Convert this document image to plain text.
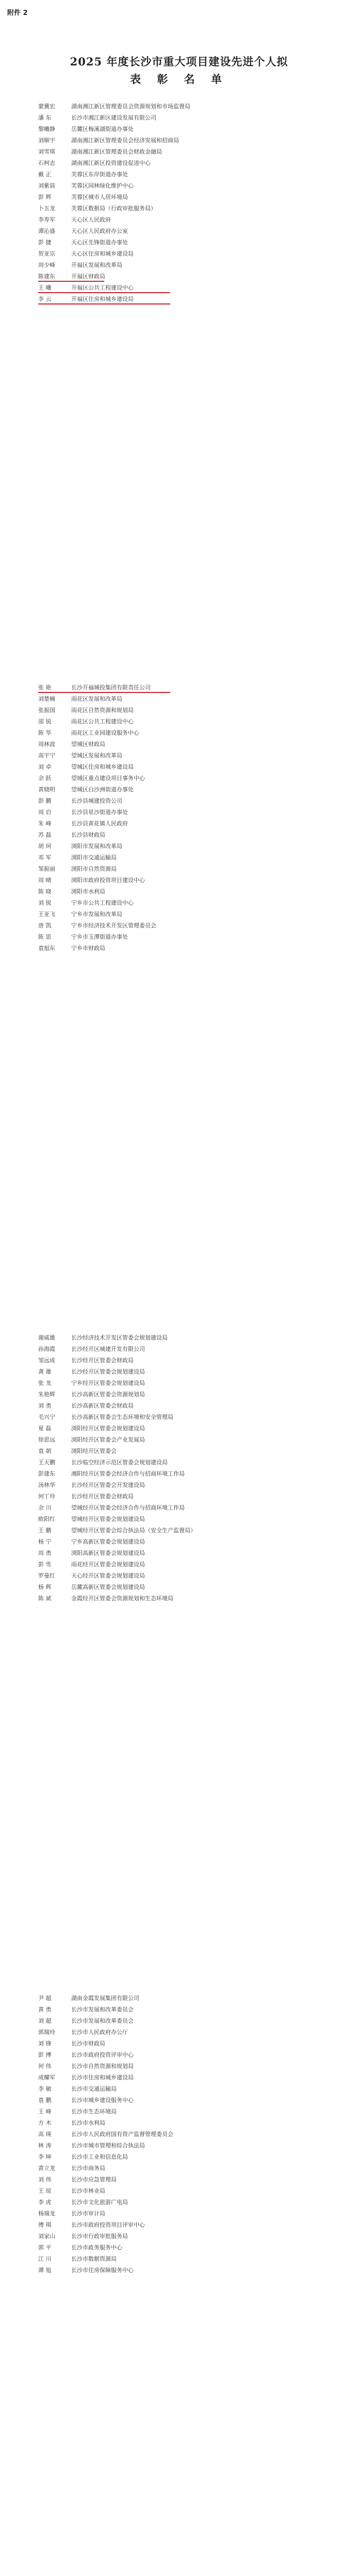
附件 2
2025 年度长沙市重大项目建设先进个人拟
表 彰 名 单
蒙冀宏	湖南湘江新区管理委员会资源规划和市场监督局
潘 东	长沙市湘江新区建设发展有限公司
黎曦静	岳麓区梅溪湖街道办事处
刘顺宇	湖南湘江新区管理委员会经济发展和招商局
刘雪琪	湖南湘江新区管理委员会财政金融局
石柯志	湖南湘江新区投资建设促进中心
戴 正	芙蓉区东岸街道办事处
刘紫晨	芙蓉区园林绿化维护中心
彭 辉	芙蓉区城市人居环境局
卜五龙	芙蓉区数据局（行政审批服务局）
李寿军	天心区人民政府
谭沁盛	天心区人民政府办公室
彭 捷	天心区先锋街道办事处
贺亚宗	天心区住房和城乡建设局
周少峰	开福区发展和改革局
陈建东	开福区财政局
王 曦	开福区公共工程建设中心
李 云	开福区住房和城乡建设局
张 艳	长沙开福城投集团有限责任公司
刘楚楠	雨花区发展和改革局
张振国	雨花区自然资源和规划局
邵 锐	雨花区公共工程建设中心
陈 华	雨花区工业园建设服务中心
周林波	望城区财政局
高宇宁	望城区发展和改革局
刘 卓	望城区住房和城乡建设局
余 跃	望城区重点建设项目事务中心
黄晓明	望城区白沙洲街道办事处
彭 鹏	长沙县城建投资公司
周 启	长沙县星沙街道办事处
朱 峰	长沙县黄花镇人民政府
苏 磊	长沙县财政局
胡 珂	浏阳市发展和改革局
邓 军	浏阳市交通运输局
邹振丽	浏阳市自然资源局
周 晴	浏阳市政府投资项目建设中心
陈 晓	浏阳市水利局
刘 锐	宁乡市公共工程建设中心
王亚飞	宁乡市发展和改革局
唐 凯	宁乡市经济技术开发区管理委员会
陈 思	宁乡市玉潭街道办事处
袁旭东	宁乡市财政局
谢威雄	长沙经济技术开发区管委会规划建设局
孙海霞	长沙经开区城建开发有限公司
邹远成	长沙经开区管委会财政局
龚 雄	长沙经开区管委会规划建设局
张 龙	宁乡经开区管委会规划建设局
朱艳辉	长沙高新区管委会资源规划局
刘 勇	长沙高新区管委会财政局
毛兴宁	长沙高新区管委会生态环境和安全管理局
夏 磊	浏阳经开区管委会规划建设局
徐思远	浏阳经开区管委会产业发展局
袁 朝	浏阳经开区管委会
王天鹏	长沙临空经济示范区管委会规划建设局
彭建东	湘阳经开区管委会经济合作与招商环境工作局
汤林华	长沙经开区管委会开发建设局
何丁玲	长沙经开区管委会财政局
余 川	望城经开区管委会经济合作与招商环境工作局
欧阳红	望城经开区管委会规划建设局
王 鹏	望城经开区管委会综合执法局（安全生产监督局）
杨 宁	宁乡高新区管委会规划建设局
周 勇	浏阳高新区管委会规划建设局
彭 雪	雨花经开区管委会规划建设局
罗曼红	天心经开区管委会规划建设局
杨 辉	岳麓高新区管委会规划建设局
陈 斌	金霞经开区管委会资源规划和生态环境局
尹 超	湖南金霞发展集团有限公司
黄 勇	长沙市发展和改革委员会
刘 超	长沙市发展和改革委员会
郭瑞玲	长沙市人民政府办公厅
刘 锋	长沙市财政局
彭 博	长沙市政府投资评审中心
何 伟	长沙市自然资源和规划局
成耀军	长沙市住房和城乡建设局
李 敏	长沙市交通运输局
袁 鹏	长沙市城乡建设服务中心
王 峰	长沙市生态环境局
方 木	长沙市水利局
高 瑛	长沙市人民政府国有资产监督管理委员会
林 涛	长沙市城市管理和综合执法局
李 坤	长沙市工业和信息化局
黄立龙	长沙市商务局
刘 伟	长沙市应急管理局
王 琼	长沙市林业局
李 虎	长沙市文化旅游广电局
杨瑞龙	长沙市审计局
傅 琪	长沙市政府投资项目评审中心
刘家山	长沙市行政审批服务局
郭 平	长沙市政务服务中心
江 川	长沙市数据资源局
谭 旭	长沙市住房保障服务中心
